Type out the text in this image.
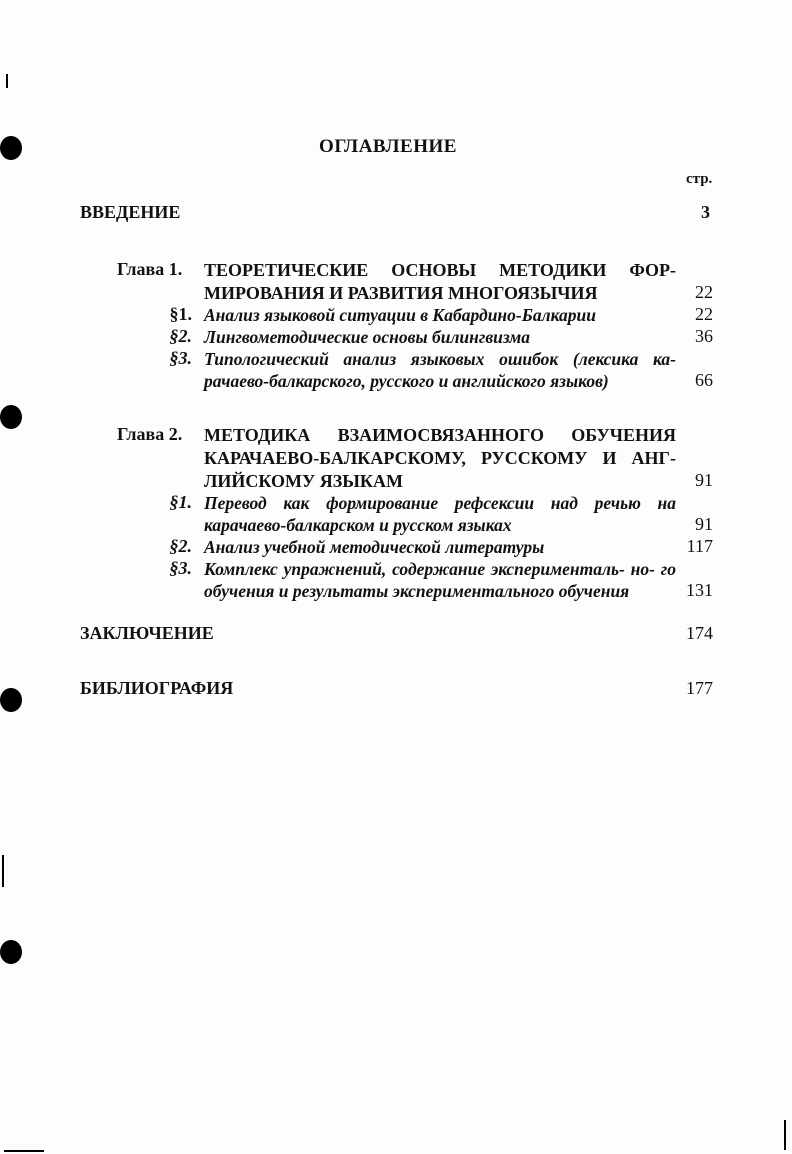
ОГЛАВЛЕНИЕ
стр.
ВВЕДЕНИЕ	3
Глава 1. ТЕОРЕТИЧЕСКИЕ ОСНОВЫ МЕТОДИКИ ФОР- МИРОВАНИЯ И РАЗВИТИЯ МНОГОЯЗЫЧИЯ	22
§1. Анализ языковой ситуации в Кабардино-Балкарии	22
§2. Лингвометодические основы билингвизма	36
§3. Типологический анализ языковых ошибок (лексика ка- рачаево-балкарского, русского и английского языков)	66
Глава 2. МЕТОДИКА ВЗАИМОСВЯЗАННОГО ОБУЧЕНИЯ КАРАЧАЕВО-БАЛКАРСКОМУ, РУССКОМУ И АНГ- ЛИЙСКОМУ ЯЗЫКАМ	91
§1. Перевод как формирование рефсексии над речью на карачаево-балкарском и русском языках	91
§2. Анализ учебной методической литературы	117
§3. Комплекс упражнений, содержание эксперименталь- но- го обучения и результаты экспериментального обучения	131
ЗАКЛЮЧЕНИЕ	174
БИБЛИОГРАФИЯ	177
